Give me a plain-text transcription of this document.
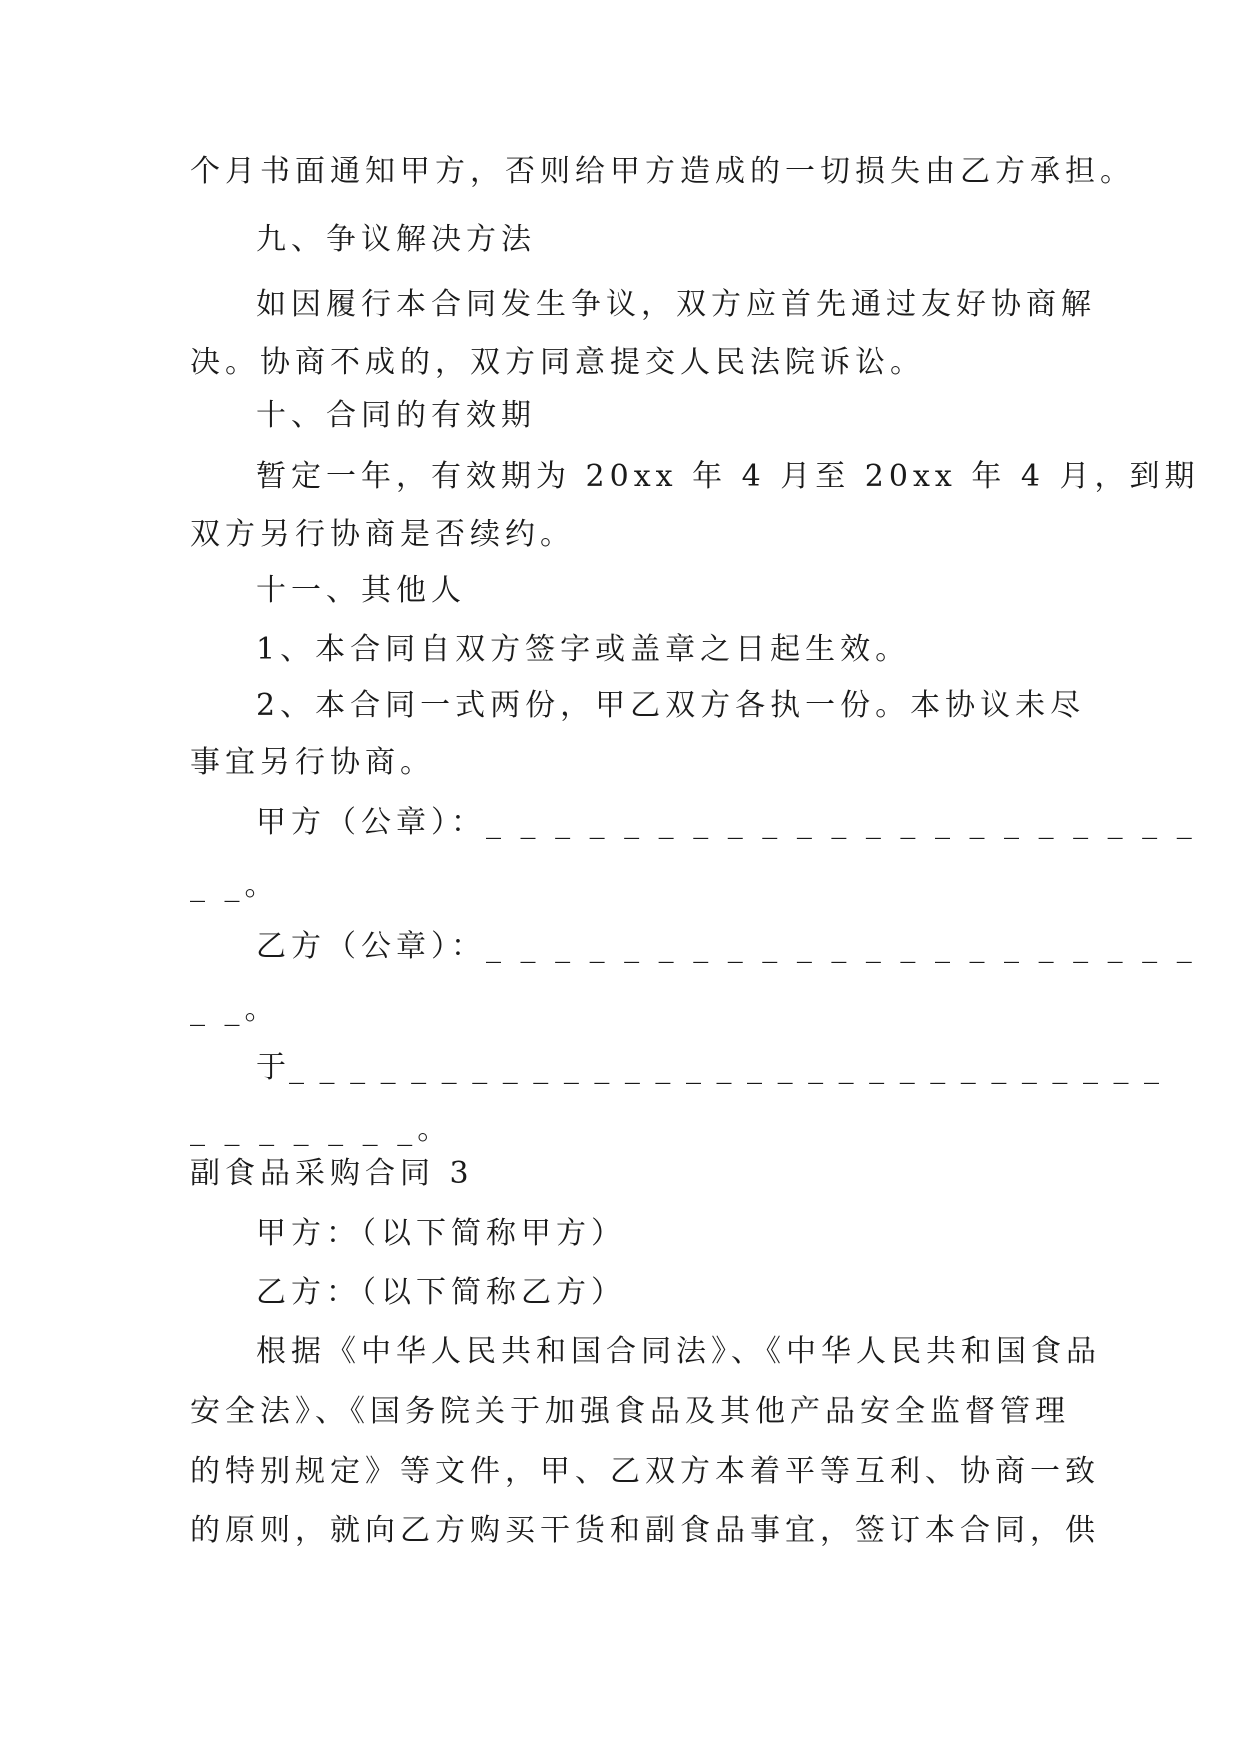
个月书面通知甲方，否则给甲方造成的一切损失由乙方承担。
九、争议解决方法
如因履行本合同发生争议，双方应首先通过友好协商解
决。协商不成的，双方同意提交人民法院诉讼。
十、合同的有效期
暂定一年，有效期为 20xx 年 4 月至 20xx 年 4 月，到期
双方另行协商是否续约。
十一、其他人
1、本合同自双方签字或盖章之日起生效。
2、本合同一式两份，甲乙双方各执一份。本协议未尽
事宜另行协商。
甲方（公章）：_ _ _ _ _ _ _ _ _ _ _ _ _ _ _ _ _ _ _ _ _
_ _。
乙方（公章）：_ _ _ _ _ _ _ _ _ _ _ _ _ _ _ _ _ _ _ _ _
_ _。
于_ _ _ _ _ _ _ _ _ _ _ _ _ _ _ _ _ _ _ _ _ _ _ _ _ _ _ _ _
_ _ _ _ _ _ _。
副食品采购合同 3
甲方：（以下简称甲方）
乙方：（以下简称乙方）
根据《中华人民共和国合同法》、《中华人民共和国食品
安全法》、《国务院关于加强食品及其他产品安全监督管理
的特别规定》等文件，甲、乙双方本着平等互利、协商一致
的原则，就向乙方购买干货和副食品事宜，签订本合同，供
